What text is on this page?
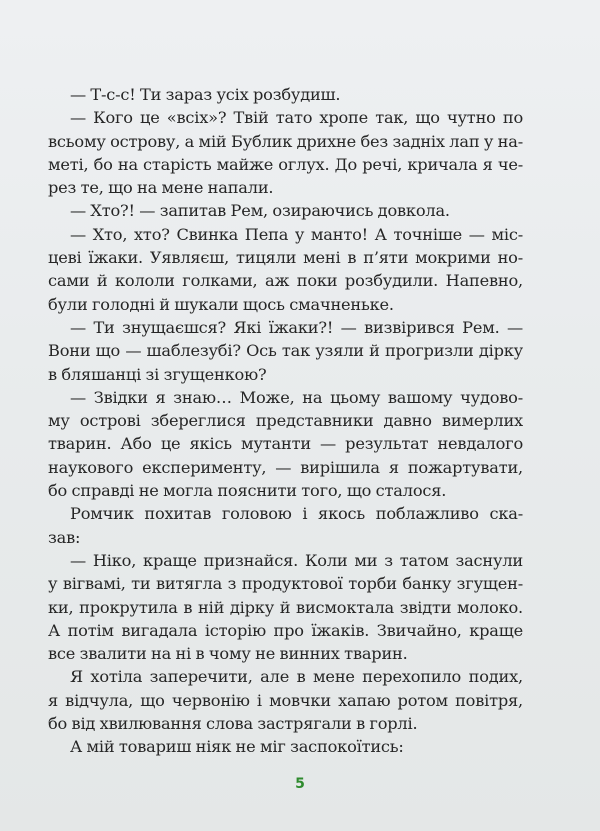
— Т-с-с! Ти зараз усіх розбудиш.
— Кого це «всіх»? Твій тато хропе так, що чутно по
всьому острову, а мій Бублик дрихне без задніх лап у на-
меті, бо на старість майже оглух. До речі, кричала я че-
рез те, що на мене напали.
— Хто?! — запитав Рем, озираючись довкола.
— Хто, хто? Свинка Пепа у манто! А точніше — міс-
цеві їжаки. Уявляєш, тицяли мені в п’яти мокрими но-
сами й кололи голками, аж поки розбудили. Напевно,
були голодні й шукали щось смачненьке.
— Ти знущаєшся? Які їжаки?! — визвірився Рем. —
Вони що — шаблезубі? Ось так узяли й прогризли дірку
в бляшанці зі згущенкою?
— Звідки я знаю… Може, на цьому вашому чудово-
му острові збереглися представники давно вимерлих
тварин. Або це якісь мутанти — результат невдалого
наукового експерименту, — вирішила я пожартувати,
бо справді не могла пояснити того, що сталося.
Ромчик похитав головою і якось поблажливо ска-
зав:
— Ніко, краще признайся. Коли ми з татом заснули
у вігвамі, ти витягла з продуктової торби банку згущен-
ки, прокрутила в ній дірку й висмоктала звідти молоко.
А потім вигадала історію про їжаків. Звичайно, краще
все звалити на ні в чому не винних тварин.
Я хотіла заперечити, але в мене перехопило подих,
я відчула, що червонію і мовчки хапаю ротом повітря,
бо від хвилювання слова застрягали в горлі.
А мій товариш ніяк не міг заспокоїтись:
5
